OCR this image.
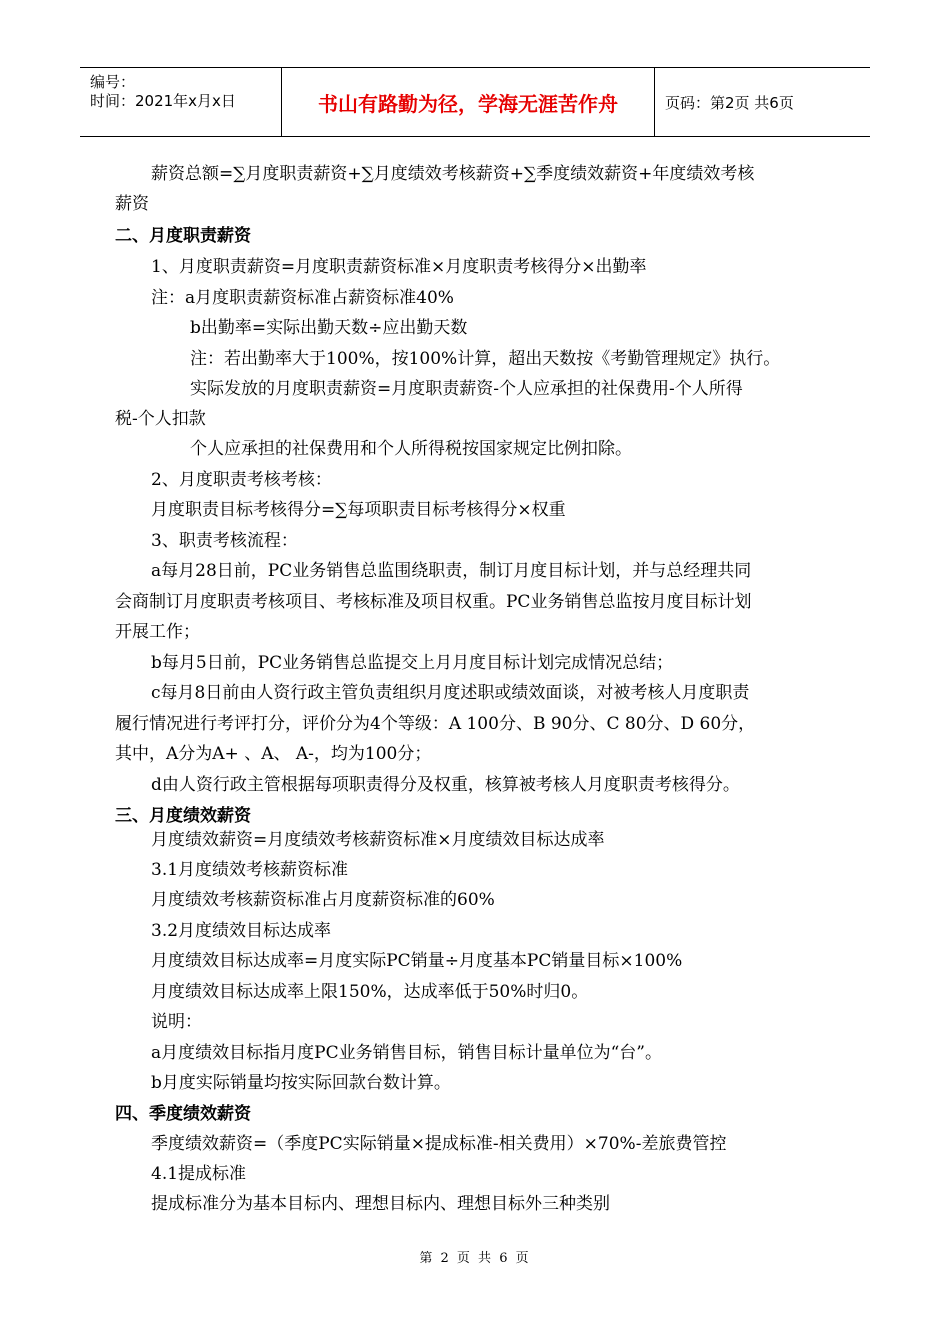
编号：
时间：2021年x月x日	书山有路勤为径，学海无涯苦作舟	页码：第2页 共6页
薪资总额=∑月度职责薪资+∑月度绩效考核薪资+∑季度绩效薪资+年度绩效考核
薪资
二、月度职责薪资
1、月度职责薪资=月度职责薪资标准×月度职责考核得分×出勤率
注：a月度职责薪资标准占薪资标准40%
b出勤率=实际出勤天数÷应出勤天数
注：若出勤率大于100%，按100%计算，超出天数按《考勤管理规定》执行。
实际发放的月度职责薪资=月度职责薪资-个人应承担的社保费用-个人所得
税-个人扣款
个人应承担的社保费用和个人所得税按国家规定比例扣除。
2、月度职责考核考核：
月度职责目标考核得分=∑每项职责目标考核得分×权重
3、职责考核流程：
a每月28日前，PC业务销售总监围绕职责，制订月度目标计划，并与总经理共同
会商制订月度职责考核项目、考核标准及项目权重。PC业务销售总监按月度目标计划
开展工作；
b每月5日前，PC业务销售总监提交上月月度目标计划完成情况总结；
c每月8日前由人资行政主管负责组织月度述职或绩效面谈，对被考核人月度职责
履行情况进行考评打分，评价分为4个等级：A 100分、B 90分、C 80分、D 60分，
其中，A分为A+ 、A、 A-，均为100分；
d由人资行政主管根据每项职责得分及权重，核算被考核人月度职责考核得分。
三、月度绩效薪资
月度绩效薪资=月度绩效考核薪资标准×月度绩效目标达成率
3.1月度绩效考核薪资标准
月度绩效考核薪资标准占月度薪资标准的60%
3.2月度绩效目标达成率
月度绩效目标达成率=月度实际PC销量÷月度基本PC销量目标×100%
月度绩效目标达成率上限150%，达成率低于50%时归0。
说明：
a月度绩效目标指月度PC业务销售目标，销售目标计量单位为“台”。
b月度实际销量均按实际回款台数计算。
四、季度绩效薪资
季度绩效薪资=（季度PC实际销量×提成标准-相关费用）×70%-差旅费管控
4.1提成标准
提成标准分为基本目标内、理想目标内、理想目标外三种类别
第 2 页 共 6 页
